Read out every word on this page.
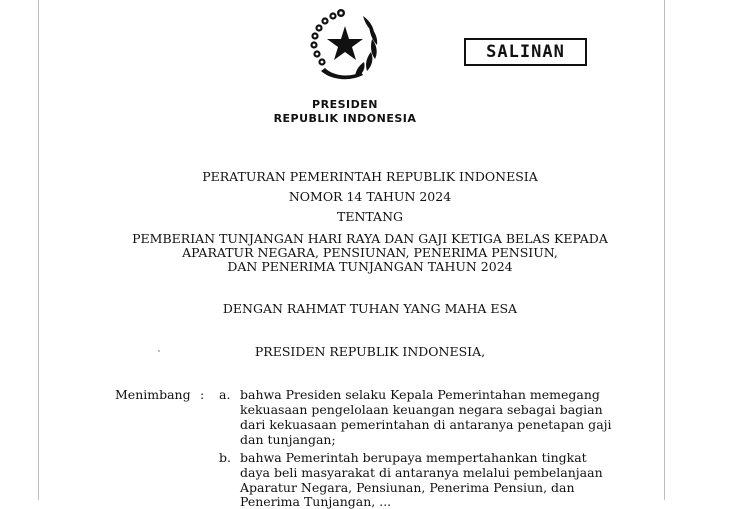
SALINAN
PRESIDEN
REPUBLIK INDONESIA
PERATURAN PEMERINTAH REPUBLIK INDONESIA
NOMOR 14 TAHUN 2024
TENTANG
PEMBERIAN TUNJANGAN HARI RAYA DAN GAJI KETIGA BELAS KEPADA
APARATUR NEGARA, PENSIUNAN, PENERIMA PENSIUN,
DAN PENERIMA TUNJANGAN TAHUN 2024
DENGAN RAHMAT TUHAN YANG MAHA ESA
PRESIDEN REPUBLIK INDONESIA,
Menimbang : a. bahwa Presiden selaku Kepala Pemerintahan memegang
kekuasaan pengelolaan keuangan negara sebagai bagian
dari kekuasaan pemerintahan di antaranya penetapan gaji
dan tunjangan;
b. bahwa Pemerintah berupaya mempertahankan tingkat
daya beli masyarakat di antaranya melalui pembelanjaan
Aparatur Negara, Pensiunan, Penerima Pensiun, dan
Penerima Tunjangan, ...
